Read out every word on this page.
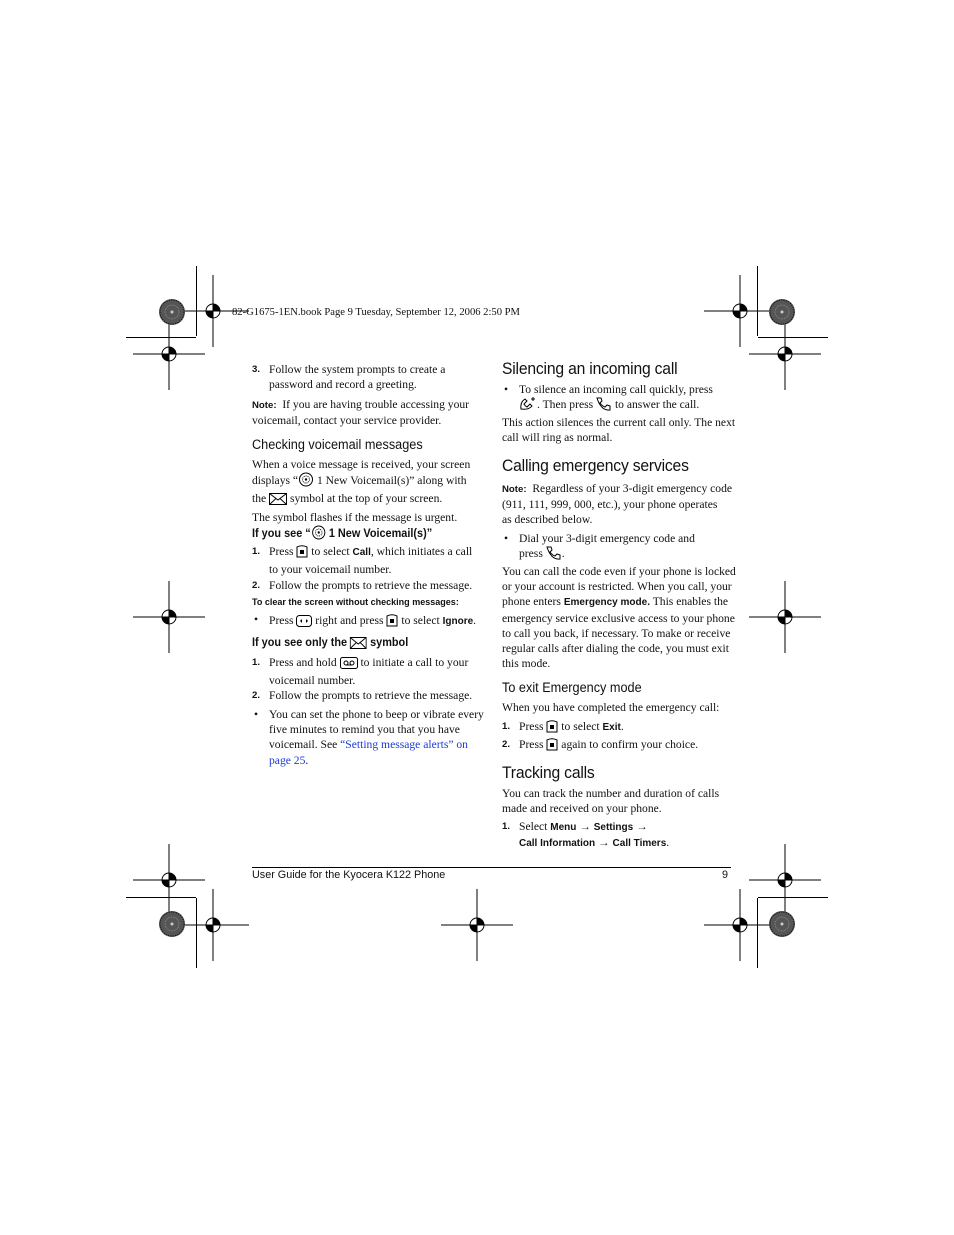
82-G1675-1EN.book Page 9 Tuesday, September 12, 2006 2:50 PM
3. Follow the system prompts to create a

password and record a greeting.

Note: If you are having trouble accessing your

voicemail, contact your service provider.

Checking voicemail messages

When a voice message is received, your screen

displays “ 1 New Voicemail(s)” along with

the symbol at the top of your screen.

The symbol flashes if the message is urgent.

If you see “ 1 New Voicemail(s)”
1. Press to select Call, which initiates a call

to your voicemail number.

2. Follow the prompts to retrieve the message.

To clear the screen without checking messages:
• Press right and press to select Ignore.

If you see only the symbol
1. Press and hold to initiate a call to your

voicemail number.

2. Follow the prompts to retrieve the message.

• You can set the phone to beep or vibrate every

five minutes to remind you that you have

voicemail. See “Setting message alerts” on

page 25.

Silencing an incoming call
• To silence an incoming call quickly, press

. Then press to answer the call.

This action silences the current call only. The next

call will ring as normal.

Calling emergency services

Note: Regardless of your 3-digit emergency code

(911, 111, 999, 000, etc.), your phone operates

as described below.

• Dial your 3-digit emergency code and

press .

You can call the code even if your phone is locked

or your account is restricted. When you call, your

phone enters Emergency mode. This enables the

emergency service exclusive access to your phone

to call you back, if necessary. To make or receive

regular calls after dialing the code, you must exit

this mode.

To exit Emergency mode

When you have completed the emergency call:

1. Press to select Exit.

2. Press again to confirm your choice.

Tracking calls

You can track the number and duration of calls

made and received on your phone.

1. Select Menu → Settings →

Call Information → Call Timers.

User Guide for the Kyocera K122 Phone	9
